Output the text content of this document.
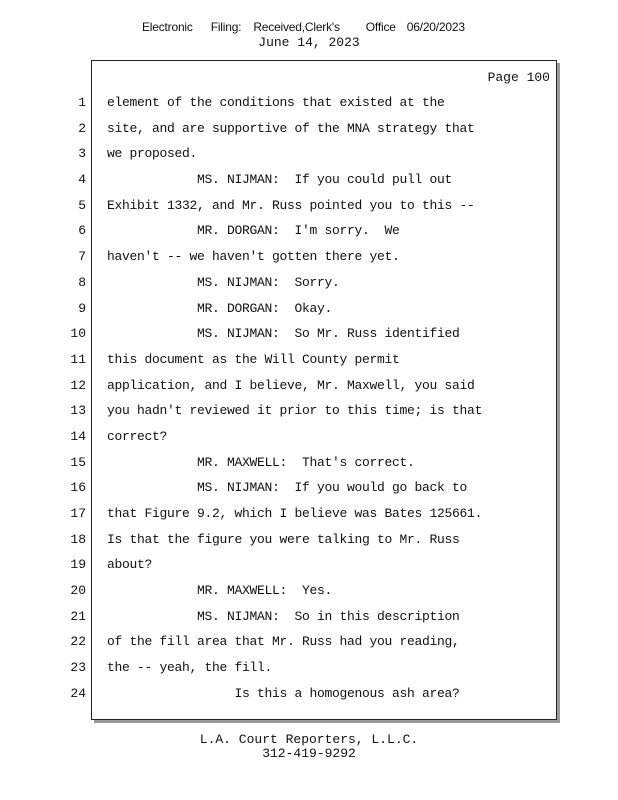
Electronic Filing: Received,Clerk's Office 06/20/2023
June 14, 2023
Page 100
1
2
3
4
5
6
7
8
9
10
11
12
13
14
15
16
17
18
19
20
21
22
23
24
element of the conditions that existed at the
site, and are supportive of the MNA strategy that
we proposed.
MS. NIJMAN:  If you could pull out
Exhibit 1332, and Mr. Russ pointed you to this --
MR. DORGAN:  I'm sorry.  We
haven't -- we haven't gotten there yet.
MS. NIJMAN:  Sorry.
MR. DORGAN:  Okay.
MS. NIJMAN:  So Mr. Russ identified
this document as the Will County permit
application, and I believe, Mr. Maxwell, you said
you hadn't reviewed it prior to this time; is that
correct?
MR. MAXWELL:  That's correct.
MS. NIJMAN:  If you would go back to
that Figure 9.2, which I believe was Bates 125661.
Is that the figure you were talking to Mr. Russ
about?
MR. MAXWELL:  Yes.
MS. NIJMAN:  So in this description
of the fill area that Mr. Russ had you reading,
the -- yeah, the fill.
Is this a homogenous ash area?
L.A. Court Reporters, L.L.C.
312-419-9292
